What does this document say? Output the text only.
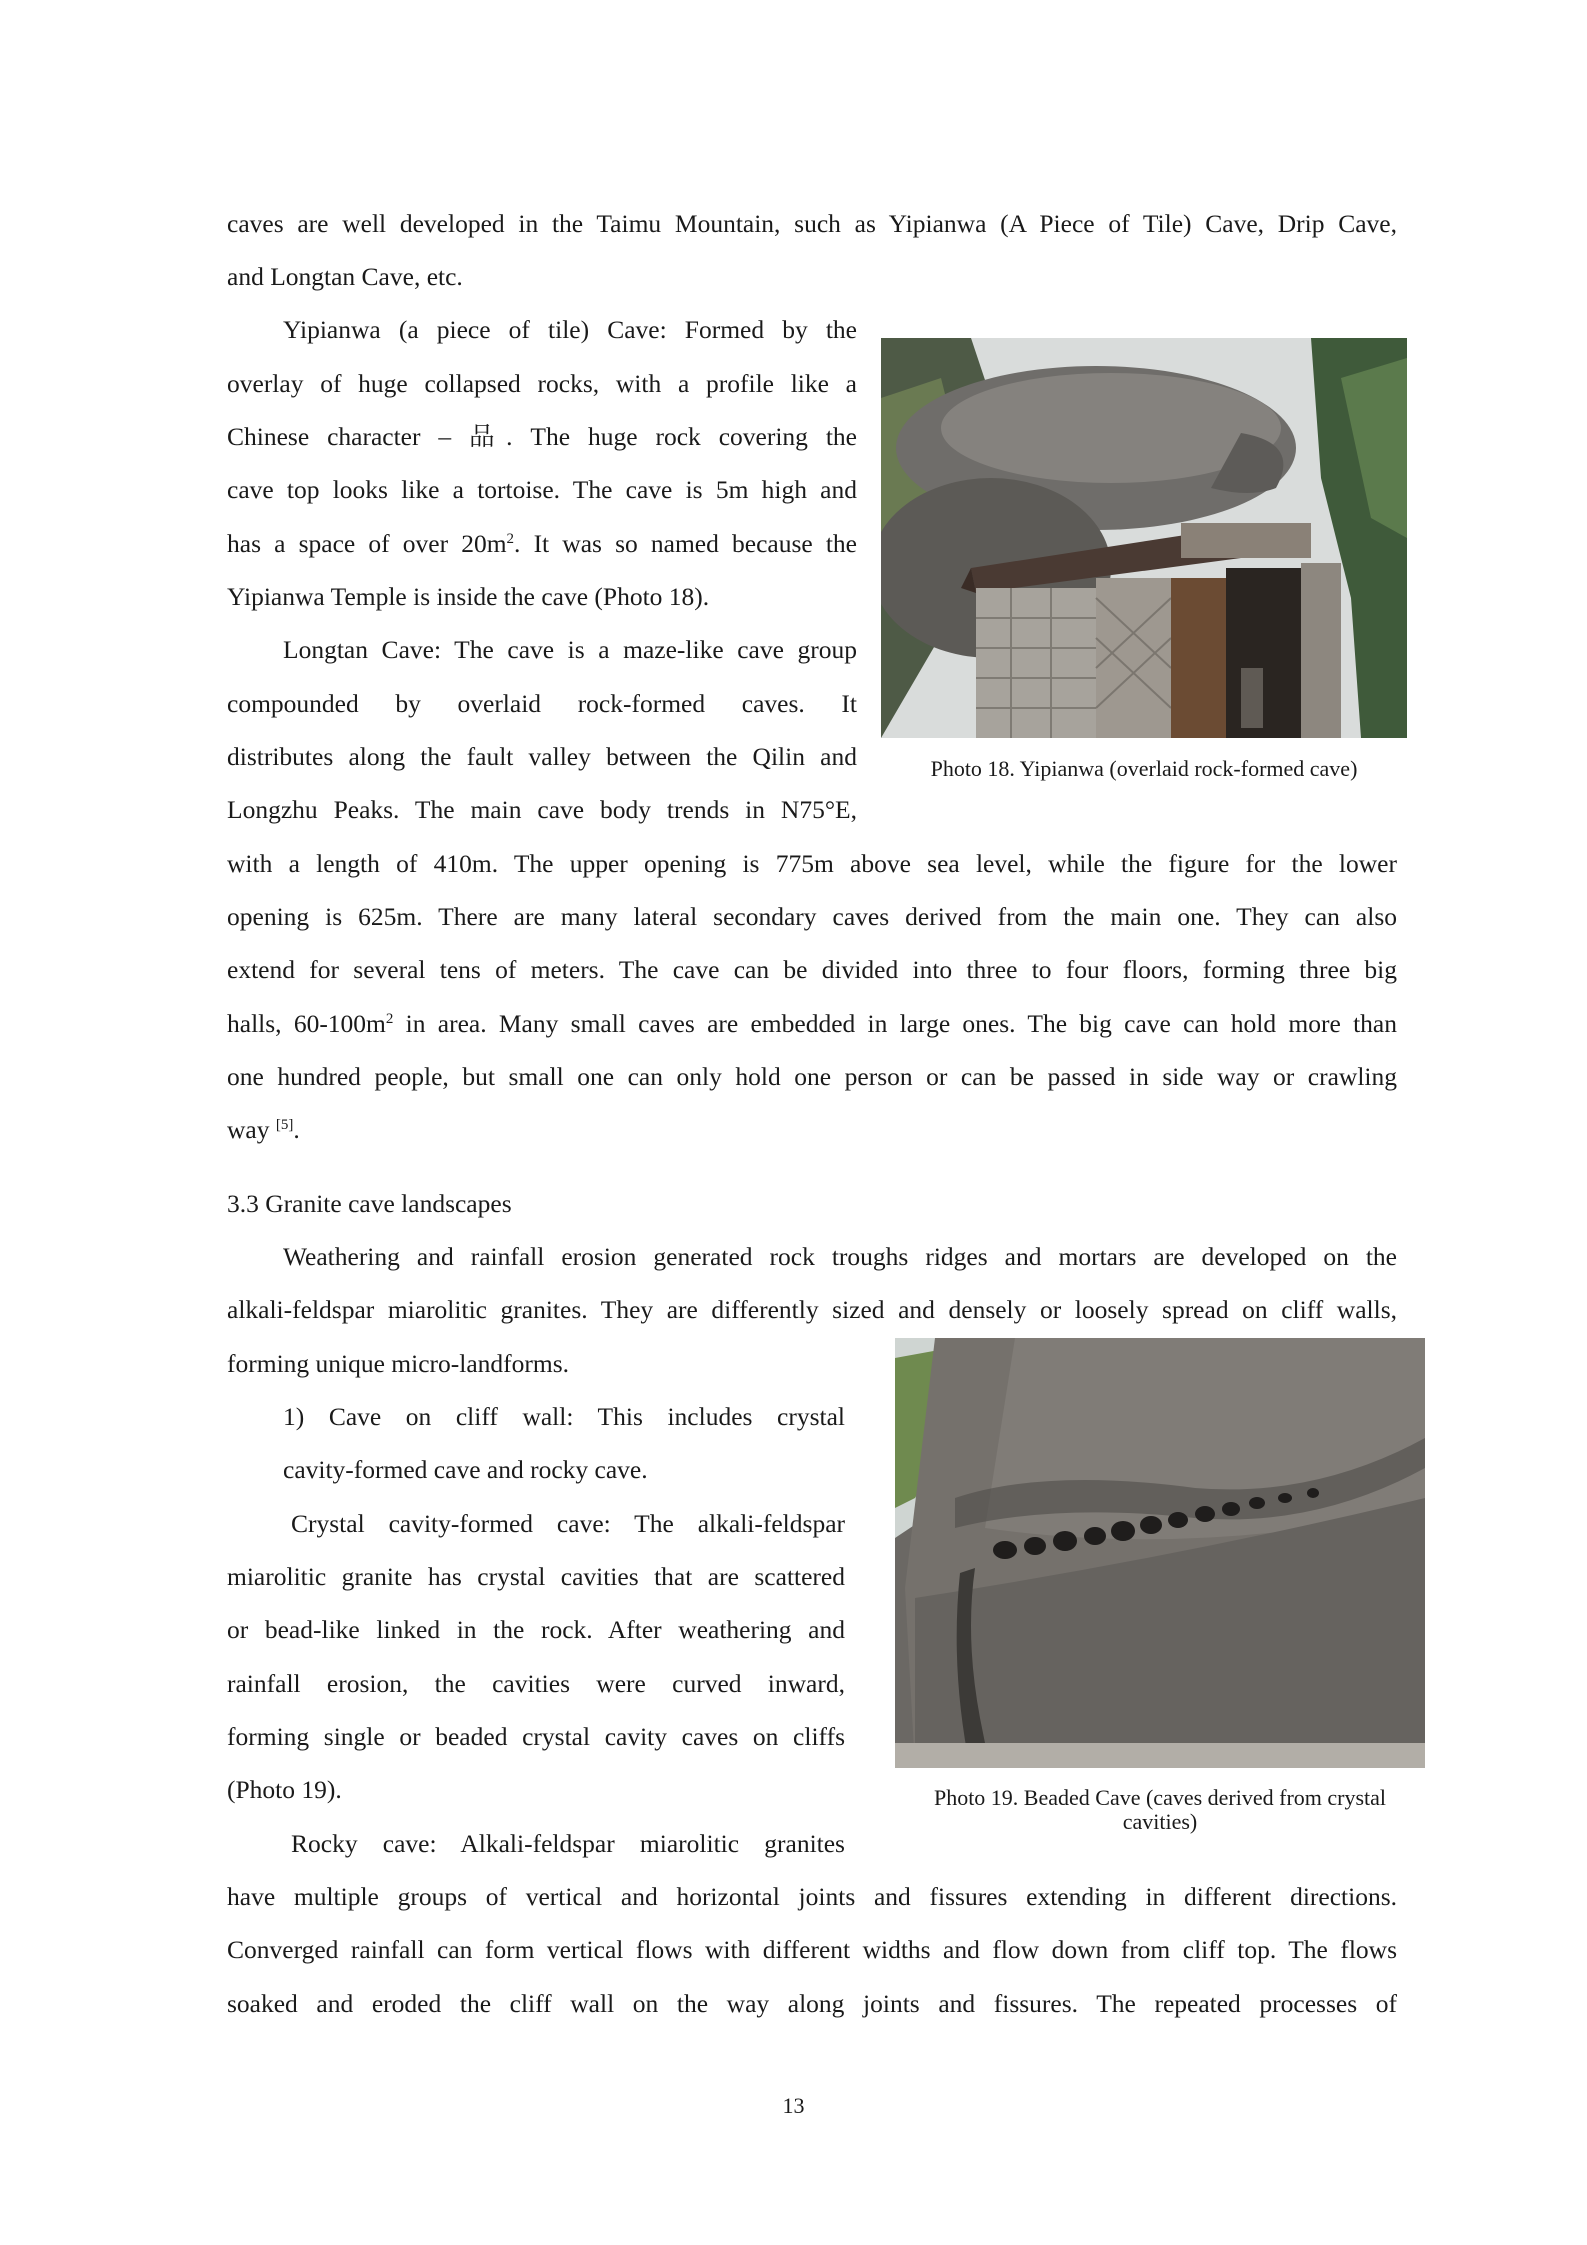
caves are well developed in the Taimu Mountain, such as Yipianwa (A Piece of Tile) Cave, Drip Cave,
and Longtan Cave, etc.
Yipianwa (a piece of tile) Cave: Formed by the
overlay of huge collapsed rocks, with a profile like a
Chinese character – 品. The huge rock covering the
cave top looks like a tortoise. The cave is 5m high and
has a space of over $20m^2$. It was so named because the
Yipianwa Temple is inside the cave (Photo 18).
Longtan Cave: The cave is a maze-like cave group
compounded by overlaid rock-formed caves. It
distributes along the fault valley between the Qilin and
Longzhu Peaks. The main cave body trends in N75°E,
with a length of 410m. The upper opening is 775m above sea level, while the figure for the lower
opening is 625m. There are many lateral secondary caves derived from the main one. They can also
extend for several tens of meters. The cave can be divided into three to four floors, forming three big
halls, $60-100m^2$ in area. Many small caves are embedded in large ones. The big cave can hold more than
one hundred people, but small one can only hold one person or can be passed in side way or crawling
way [5].
Photo 18. Yipianwa (overlaid rock-formed cave)
3.3 Granite cave landscapes
Weathering and rainfall erosion generated rock troughs ridges and mortars are developed on the
alkali-feldspar miarolitic granites. They are differently sized and densely or loosely spread on cliff walls,
forming unique micro-landforms.
1) Cave on cliff wall: This includes crystal
cavity-formed cave and rocky cave.
Crystal cavity-formed cave: The alkali-feldspar
miarolitic granite has crystal cavities that are scattered
or bead-like linked in the rock. After weathering and
rainfall erosion, the cavities were curved inward,
forming single or beaded crystal cavity caves on cliffs
(Photo 19).	Photo 19. Beaded Cave (caves derived from crystal
cavities)
Rocky cave: Alkali-feldspar miarolitic granites
have multiple groups of vertical and horizontal joints and fissures extending in different directions.
Converged rainfall can form vertical flows with different widths and flow down from cliff top. The flows
soaked and eroded the cliff wall on the way along joints and fissures. The repeated processes of
13
